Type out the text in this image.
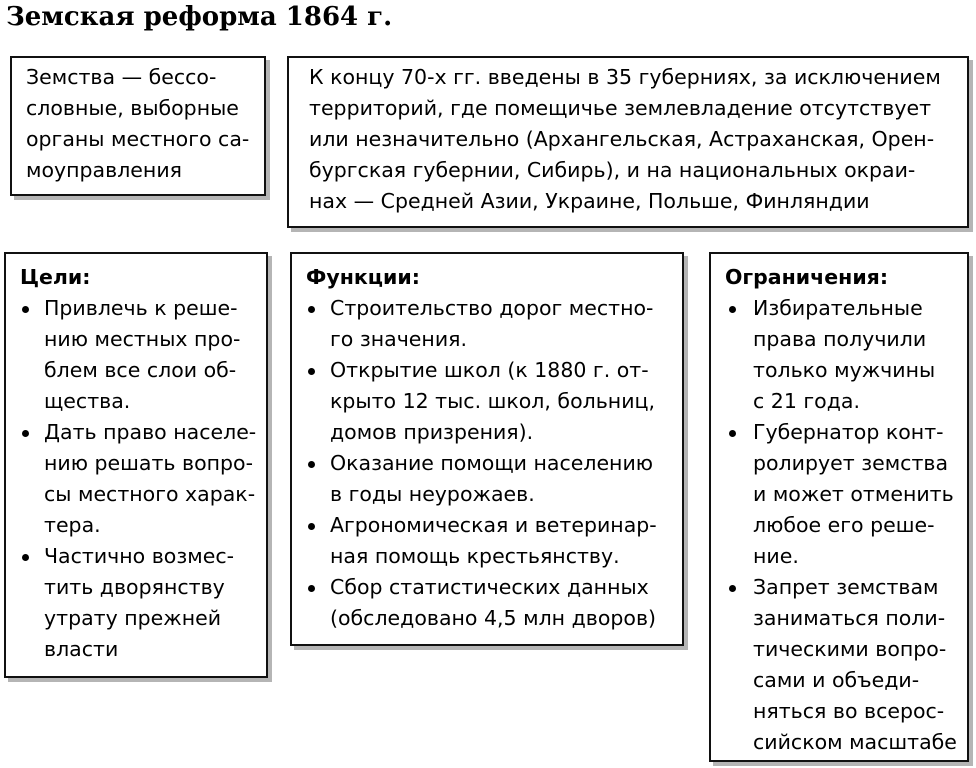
Земская реформа 1864 г.
Земства — бессо-
словные, выборные
органы местного са-
моуправления
К концу 70-х гг. введены в 35 губерниях, за исключением
территорий, где помещичье землевладение отсутствует
или незначительно (Архангельская, Астраханская, Орен-
бургская губернии, Сибирь), и на национальных окраи-
нах — Средней Азии, Украине, Польше, Финляндии
Цели:
Привлечь к реше-
нию местных про-
блем все слои об-
щества.
Дать право населе-
нию решать вопро-
сы местного харак-
тера.
Частично возмес-
тить дворянству
утрату прежней
власти
Функции:
Строительство дорог местно-
го значения.
Открытие школ (к 1880 г. от-
крыто 12 тыс. школ, больниц,
домов призрения).
Оказание помощи населению
в годы неурожаев.
Агрономическая и ветеринар-
ная помощь крестьянству.
Сбор статистических данных
(обследовано 4,5 млн дворов)
Ограничения:
Избирательные
права получили
только мужчины
с 21 года.
Губернатор конт-
ролирует земства
и может отменить
любое его реше-
ние.
Запрет земствам
заниматься поли-
тическими вопро-
сами и объеди-
няться во всерос-
сийском масштабе
